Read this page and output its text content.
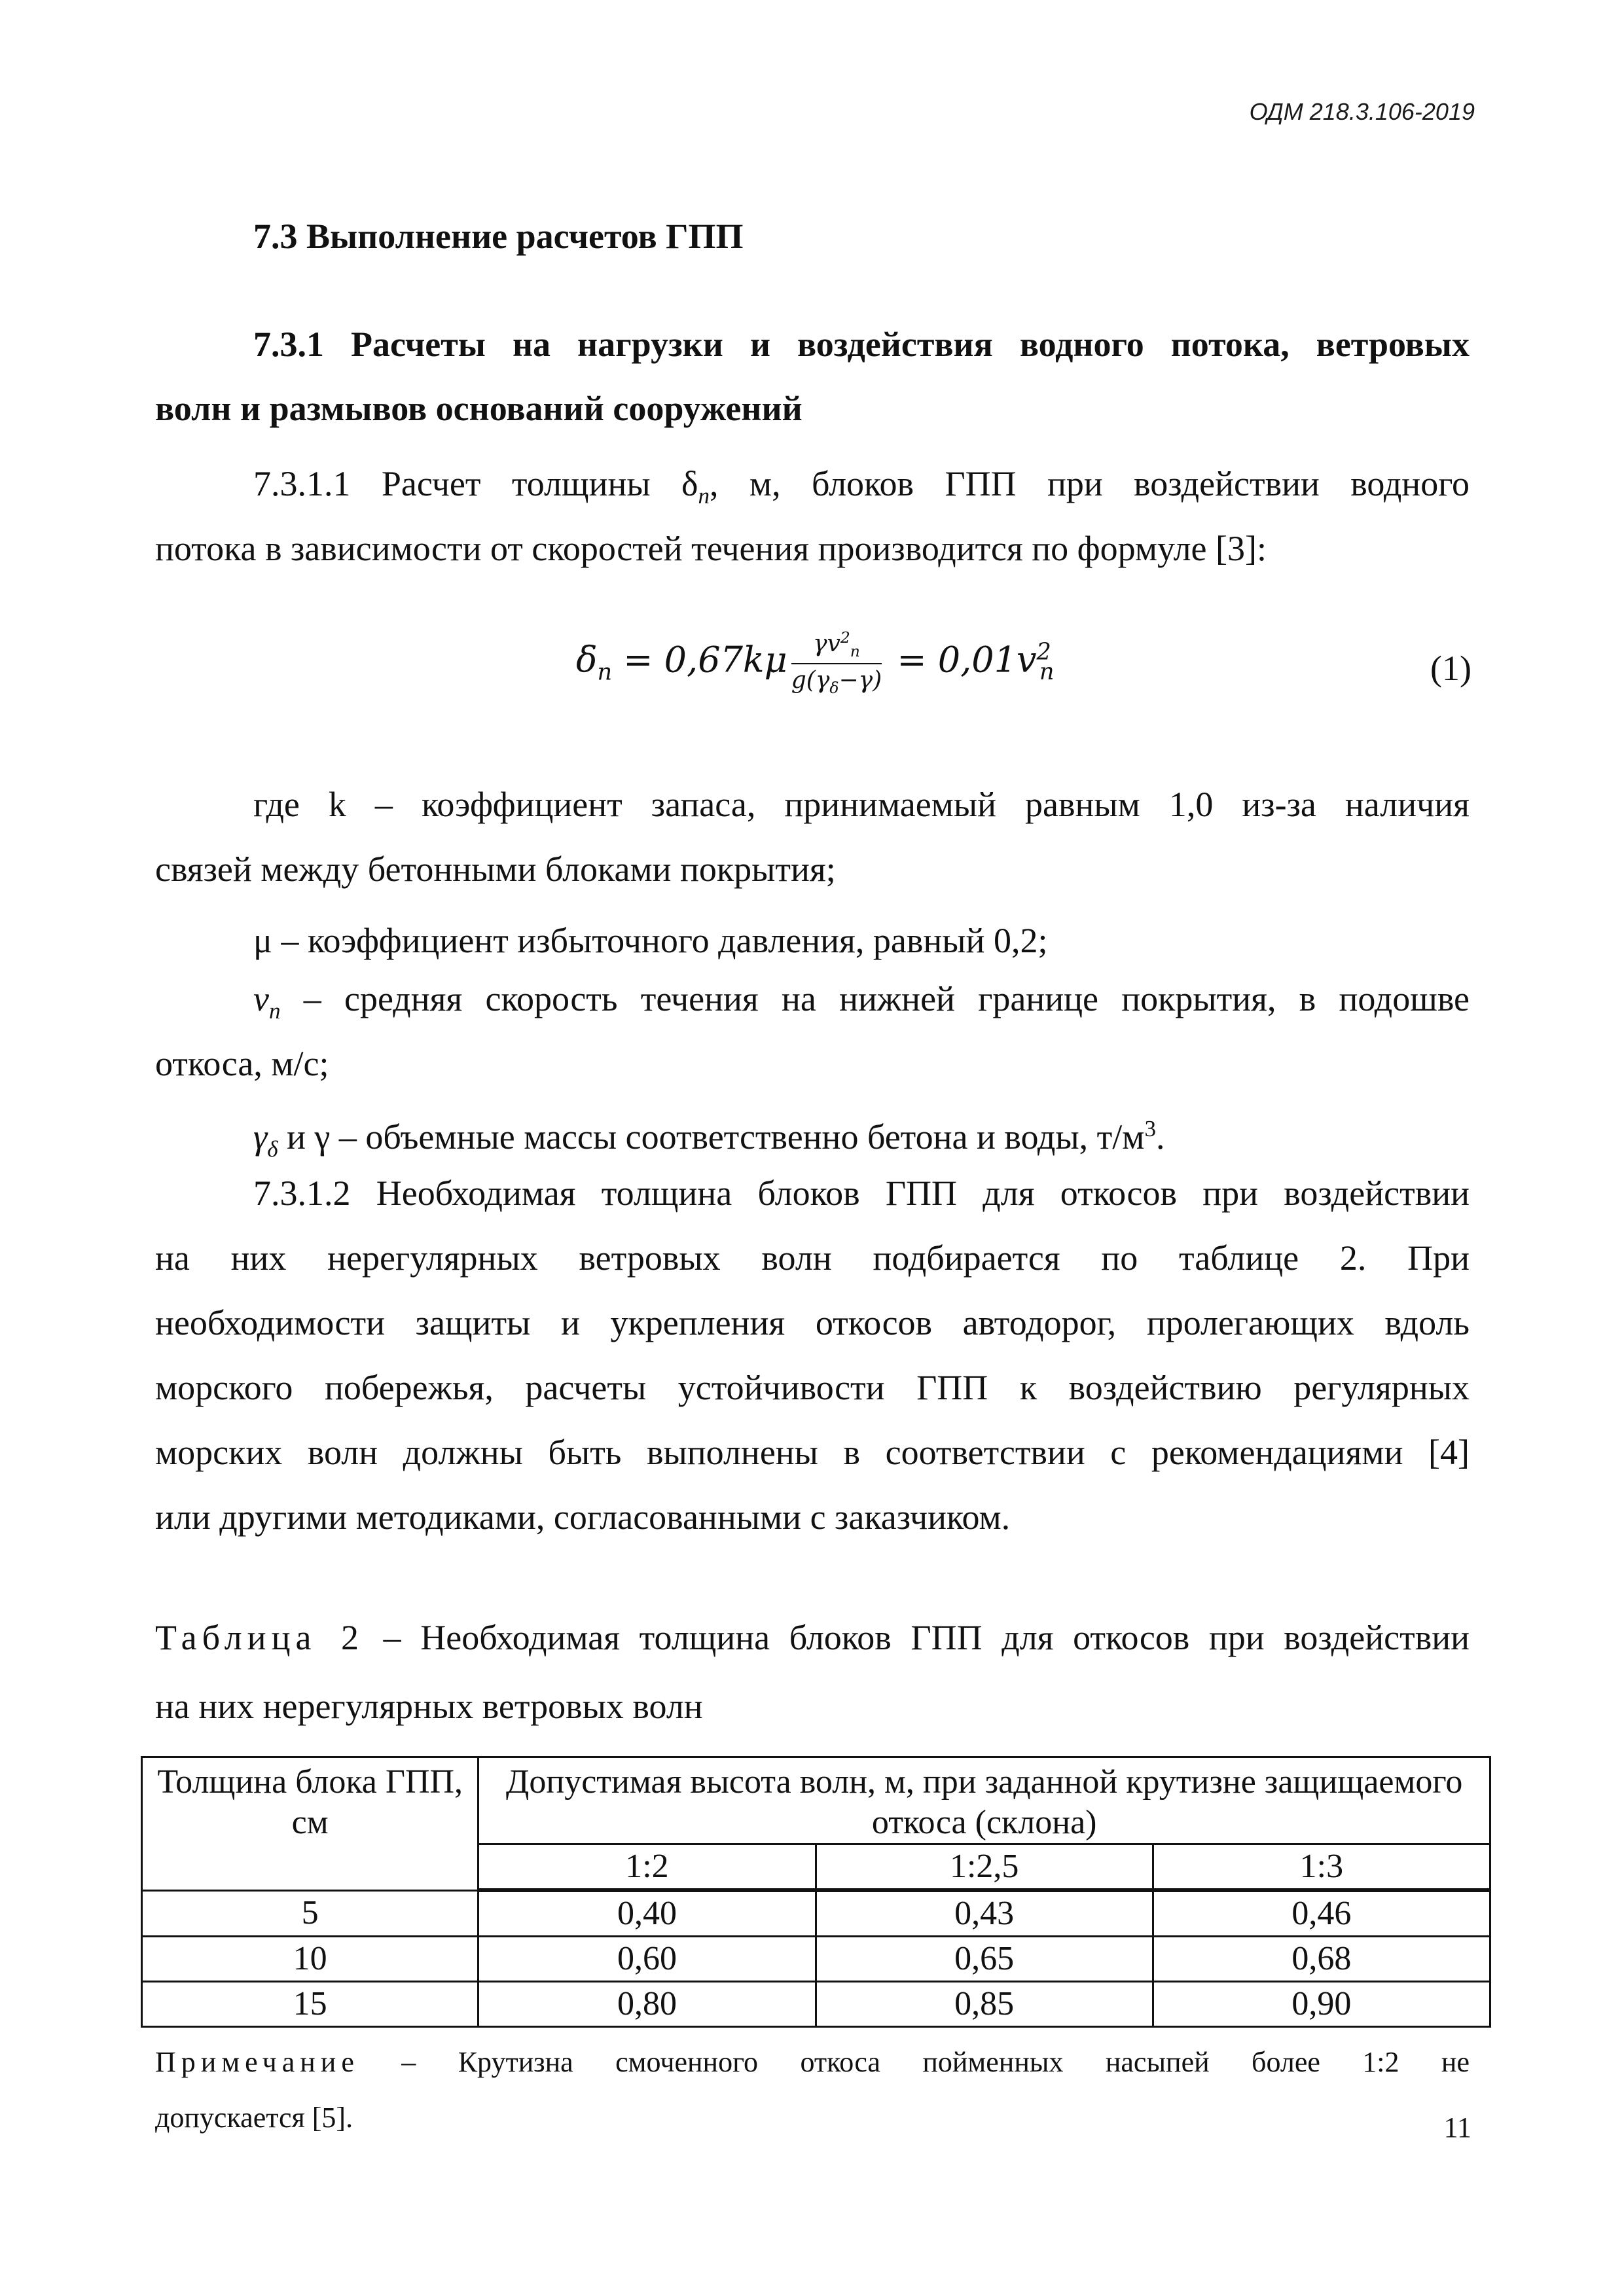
ОДМ 218.3.106-2019
7.3 Выполнение расчетов ГПП
7.3.1 Расчеты на нагрузки и воздействия водного потока, ветровых
волн и размывов оснований сооружений
7.3.1.1 Расчет толщины $\delta_n$, м, блоков ГПП при воздействии водного
потока в зависимости от скоростей течения производится по формуле [3]:
$\delta_n = 0,67k\mu \frac{\gamma v^2_n}{g(\gamma_\delta-\gamma)} = 0,01v^2_n$	(1)
где k – коэффициент запаса, принимаемый равным 1,0 из-за наличия
связей между бетонными блоками покрытия;
μ – коэффициент избыточного давления, равный 0,2;
$v_n$ – средняя скорость течения на нижней границе покрытия, в подошве
откоса, м/с;
$\gamma_\delta$ и γ – объемные массы соответственно бетона и воды, $т/м^3$.
7.3.1.2 Необходимая толщина блоков ГПП для откосов при воздействии
на них нерегулярных ветровых волн подбирается по таблице 2. При
необходимости защиты и укрепления откосов автодорог, пролегающих вдоль
морского побережья, расчеты устойчивости ГПП к воздействию регулярных
морских волн должны быть выполнены в соответствии с рекомендациями [4]
или другими методиками, согласованными с заказчиком.
Таблица 2 – Необходимая толщина блоков ГПП для откосов при воздействии
на них нерегулярных ветровых волн
Толщина блока ГПП, см	Допустимая высота волн, м, при заданной крутизне защищаемого откоса (склона)		
	1:2	1:2,5	1:3
5	0,40	0,43	0,46
10	0,60	0,65	0,68
15	0,80	0,85	0,90
Примечание – Крутизна смоченного откоса пойменных насыпей более 1:2 не
допускается [5].	11
